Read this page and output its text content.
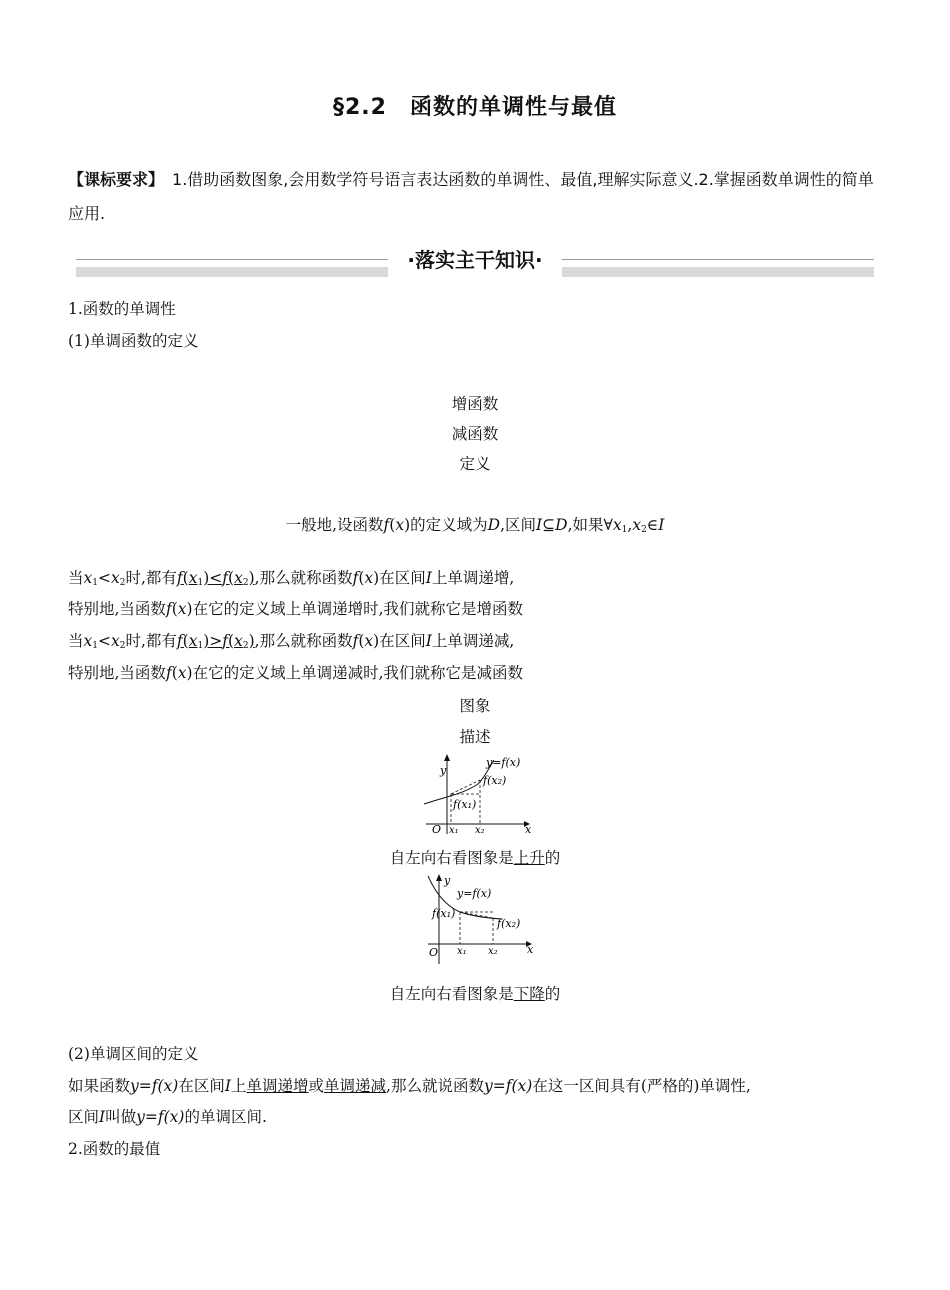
§2.2　函数的单调性与最值
【课标要求】 1.借助函数图象,会用数学符号语言表达函数的单调性、最值,理解实际意义.2.掌握函数单调性的简单应用.
·落实主干知识·
1.函数的单调性
(1)单调函数的定义
增函数
减函数
定义
一般地,设函数f(x)的定义域为D,区间I⊆D,如果$\forall x_1,x_2\in I$
当$x_1<x_2$时,都有$f(x_1)<f(x_2)$,那么就称函数f(x)在区间I上单调递增,
特别地,当函数f(x)在它的定义域上单调递增时,我们就称它是增函数
当$x_1<x_2$时,都有$f(x_1)>f(x_2)$,那么就称函数f(x)在区间I上单调递减,
特别地,当函数f(x)在它的定义域上单调递减时,我们就称它是减函数
图象
描述
y
x
O
y=f(x)
f(x₂)
f(x₁)
x₁ x₂
自左向右看图象是上升的
y
x
O
y=f(x)
f(x₁)
f(x₂)
x₁ x₂
自左向右看图象是下降的
(2)单调区间的定义
如果函数y=f(x)在区间I上单调递增或单调递减,那么就说函数y=f(x)在这一区间具有(严格的)单调性,
区间I叫做y=f(x)的单调区间.
2.函数的最值
